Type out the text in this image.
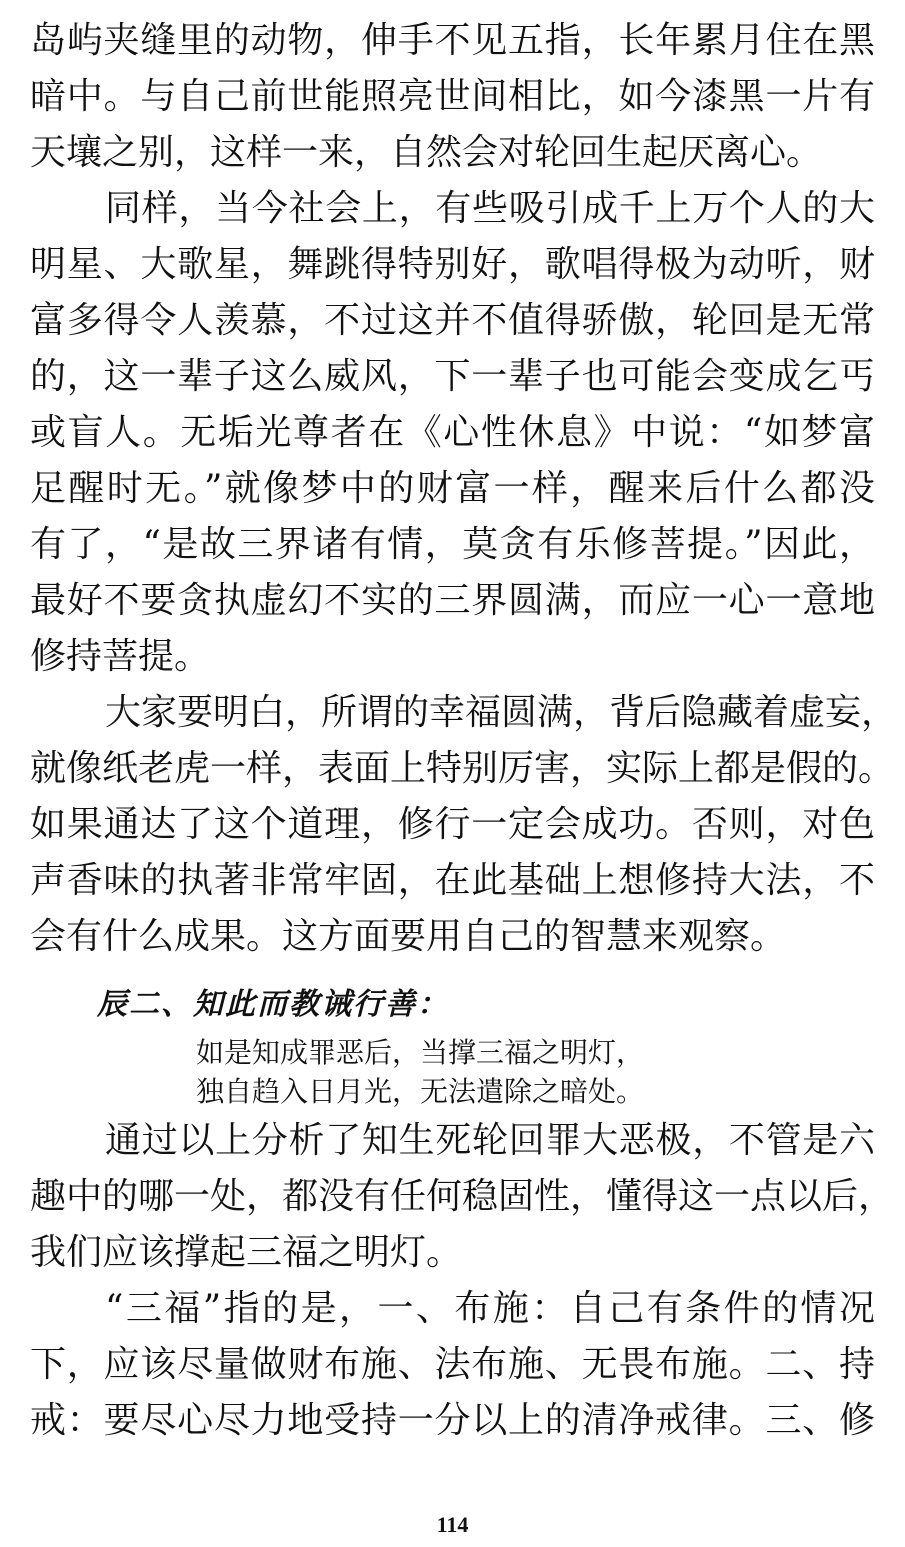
岛屿夹缝里的动物，伸手不见五指，长年累月住在黑
暗中。与自己前世能照亮世间相比，如今漆黑一片有
天壤之别，这样一来，自然会对轮回生起厌离心。
同样，当今社会上，有些吸引成千上万个人的大
明星、大歌星，舞跳得特别好，歌唱得极为动听，财
富多得令人羡慕，不过这并不值得骄傲，轮回是无常
的，这一辈子这么威风，下一辈子也可能会变成乞丐
或盲人。无垢光尊者在《心性休息》中说：“如梦富
足醒时无。”就像梦中的财富一样，醒来后什么都没
有了，“是故三界诸有情，莫贪有乐修菩提。”因此，
最好不要贪执虚幻不实的三界圆满，而应一心一意地
修持菩提。
大家要明白，所谓的幸福圆满，背后隐藏着虚妄，
就像纸老虎一样，表面上特别厉害，实际上都是假的。
如果通达了这个道理，修行一定会成功。否则，对色
声香味的执著非常牢固，在此基础上想修持大法，不
会有什么成果。这方面要用自己的智慧来观察。
辰二、知此而教诫行善：
如是知成罪恶后，当撑三福之明灯，
独自趋入日月光，无法遣除之暗处。
通过以上分析了知生死轮回罪大恶极，不管是六
趣中的哪一处，都没有任何稳固性，懂得这一点以后，
我们应该撑起三福之明灯。
“三福”指的是，一、布施：自己有条件的情况
下，应该尽量做财布施、法布施、无畏布施。二、持
戒：要尽心尽力地受持一分以上的清净戒律。三、修
114
